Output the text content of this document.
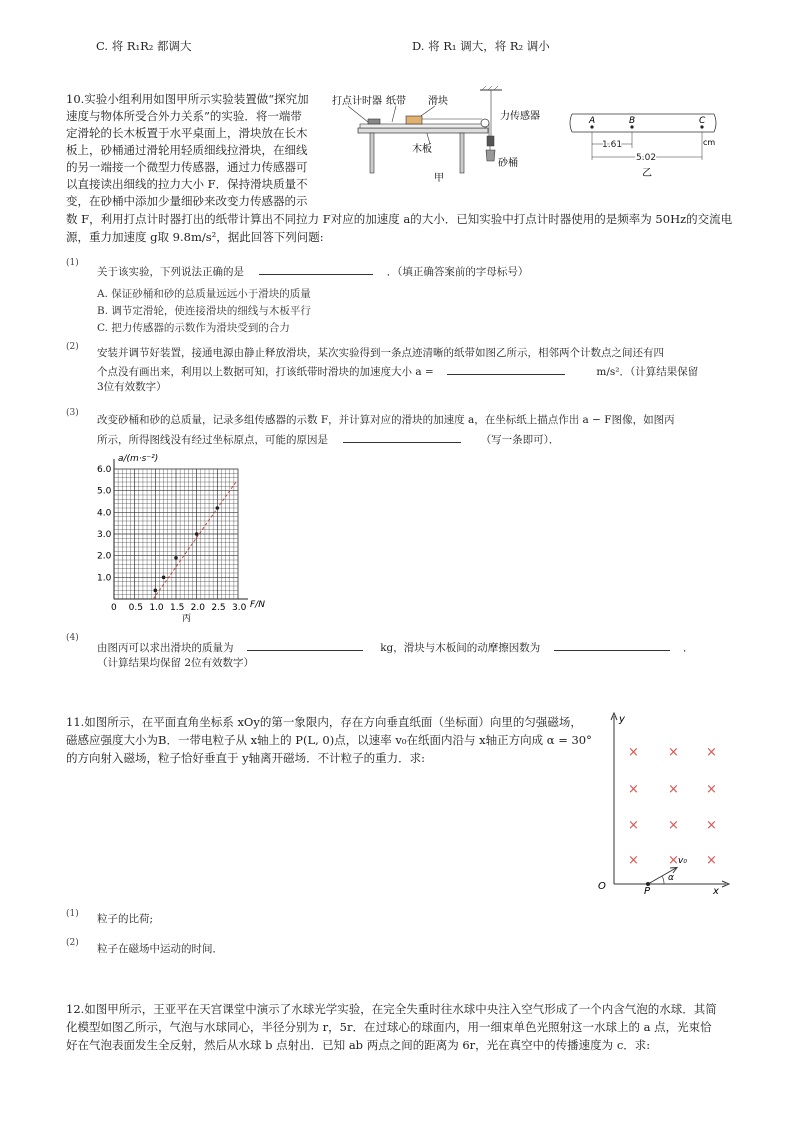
C. 将 R₁R₂ 都调大	D. 将 R₁ 调大，将 R₂ 调小
10.实验小组利用如图甲所示实验装置做“探究加
速度与物体所受合外力关系”的实验．将一端带
定滑轮的长木板置于水平桌面上，滑块放在长木
板上，砂桶通过滑轮用轻质细线拉滑块，在细线
的另一端接一个微型力传感器，通过力传感器可
以直接读出细线的拉力大小 F．保持滑块质量不
变，在砂桶中添加少量细砂来改变力传感器的示
数 F，利用打点计时器打出的纸带计算出不同拉力 F对应的加速度 a的大小．已知实验中打点计时器使用的是频率为 50Hz的交流电
源，重力加速度 g取 9.8m/s²，据此回答下列问题:
打点计时器 纸带 滑块
力传感器
木板
砂桶
甲
A	B	C
1.61
5.02
cm
乙
(1)
关于该实验，下列说法正确的是	．（填正确答案前的字母标号）
A. 保证砂桶和砂的总质量远远小于滑块的质量
B. 调节定滑轮，使连接滑块的细线与木板平行
C. 把力传感器的示数作为滑块受到的合力
(2) 安装并调节好装置，接通电源由静止释放滑块，某次实验得到一条点迹清晰的纸带如图乙所示，相邻两个计数点之间还有四
个点没有画出来，利用以上数据可知，打该纸带时滑块的加速度大小 a =	m/s²．（计算结果保留
3位有效数字）
(3)
改变砂桶和砂的总质量，记录多组传感器的示数 F，并计算对应的滑块的加速度 a，在坐标纸上描点作出 a − F图像，如图丙
所示，所得图线没有经过坐标原点，可能的原因是	（写一条即可）．
0 0.5 1.0 1.5 2.0 2.5 3.0
1.0
2.0
3.0
4.0
5.0
6.0
a/(m·s⁻²)
F/N
丙
(4)
由图丙可以求出滑块的质量为	kg，滑块与木板间的动摩擦因数为	．
（计算结果均保留 2位有效数字）
11.如图所示，在平面直角坐标系 xOy的第一象限内，存在方向垂直纸面（坐标面）向里的匀强磁场，
磁感应强度大小为B．一带电粒子从 x轴上的 P(L, 0)点，以速率 v₀在纸面内沿与 x轴正方向成 α = 30°
的方向射入磁场，粒子恰好垂直于 y轴离开磁场．不计粒子的重力．求:
y
x
O	P
× × ×
× × ×
× × ×
× × ×
v₀
α
(1) 粒子的比荷;
(2) 粒子在磁场中运动的时间．
12.如图甲所示，王亚平在天宫课堂中演示了水球光学实验，在完全失重时往水球中央注入空气形成了一个内含气泡的水球．其简
化模型如图乙所示，气泡与水球同心，半径分别为 r，5r．在过球心的球面内，用一细束单色光照射这一水球上的 a 点，光束恰
好在气泡表面发生全反射，然后从水球 b 点射出．已知 ab 两点之间的距离为 6r，光在真空中的传播速度为 c．求:
